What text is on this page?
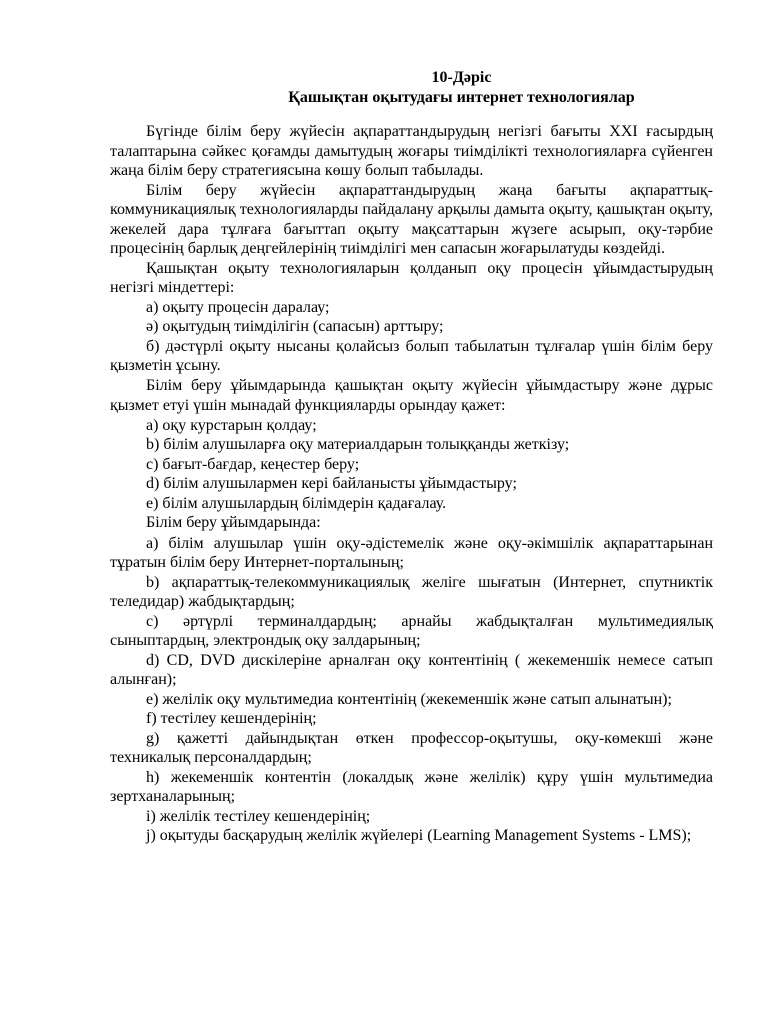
10-Дәріс
Қашықтан оқытудағы интернет технологиялар

Бүгінде білім беру жүйесін ақпараттандырудың негізгі бағыты XXI ғасырдың талаптарына сәйкес қоғамды дамытудың жоғары тиімділікті технологияларға сүйенген жаңа білім беру стратегиясына көшу болып табылады.

Білім беру жүйесін ақпараттандырудың жаңа бағыты ақпараттық-коммуникациялық технологияларды пайдалану арқылы дамыта оқыту, қашықтан оқыту, жекелей дара тұлғаға бағыттап оқыту мақсаттарын жүзеге асырып, оқу-тәрбие процесінің барлық деңгейлерінің тиімділігі мен сапасын жоғарылатуды көздейді.

Қашықтан оқыту технологияларын қолданып оқу процесін ұйымдастырудың негізгі міндеттері:

а) оқыту процесін даралау;

ә) оқытудың тиімділігін (сапасын) арттыру;

б) дәстүрлі оқыту нысаны қолайсыз болып табылатын тұлғалар үшін білім беру қызметін ұсыну.

Білім беру ұйымдарында қашықтан оқыту жүйесін ұйымдастыру және дұрыс қызмет етуі үшін мынадай функцияларды орындау қажет:

a) оқу курстарын қолдау;

b) білім алушыларға оқу материалдарын толыққанды жеткізу;

c) бағыт-бағдар, кеңестер беру;

d) білім алушылармен кері байланысты ұйымдастыру;

e) білім алушылардың білімдерін қадағалау.

Білім беру ұйымдарында:

a) білім алушылар үшін оқу-әдістемелік және оқу-әкімшілік ақпараттарынан тұратын білім беру Интернет-порталының;

b) ақпараттық-телекоммуникациялық желіге шығатын (Интернет, спутниктік теледидар) жабдықтардың;

c) әртүрлі терминалдардың; арнайы жабдықталған мультимедиялық сыныптардың, электрондық оқу залдарының;

d) CD, DVD дискілеріне арналған оқу контентінің ( жекеменшік немесе сатып алынған);

e) желілік оқу мультимедиа контентінің (жекеменшік және сатып алынатын);

f) тестілеу кешендерінің;

g) қажетті дайындықтан өткен профессор-оқытушы, оқу-көмекші және техникалық персоналдардың;

h) жекеменшік контентін (локалдық және желілік) құру үшін мультимедиа зертханаларының;

i) желілік тестілеу кешендерінің;

j) оқытуды басқарудың желілік жүйелері (Learning Management Systems - LMS);
